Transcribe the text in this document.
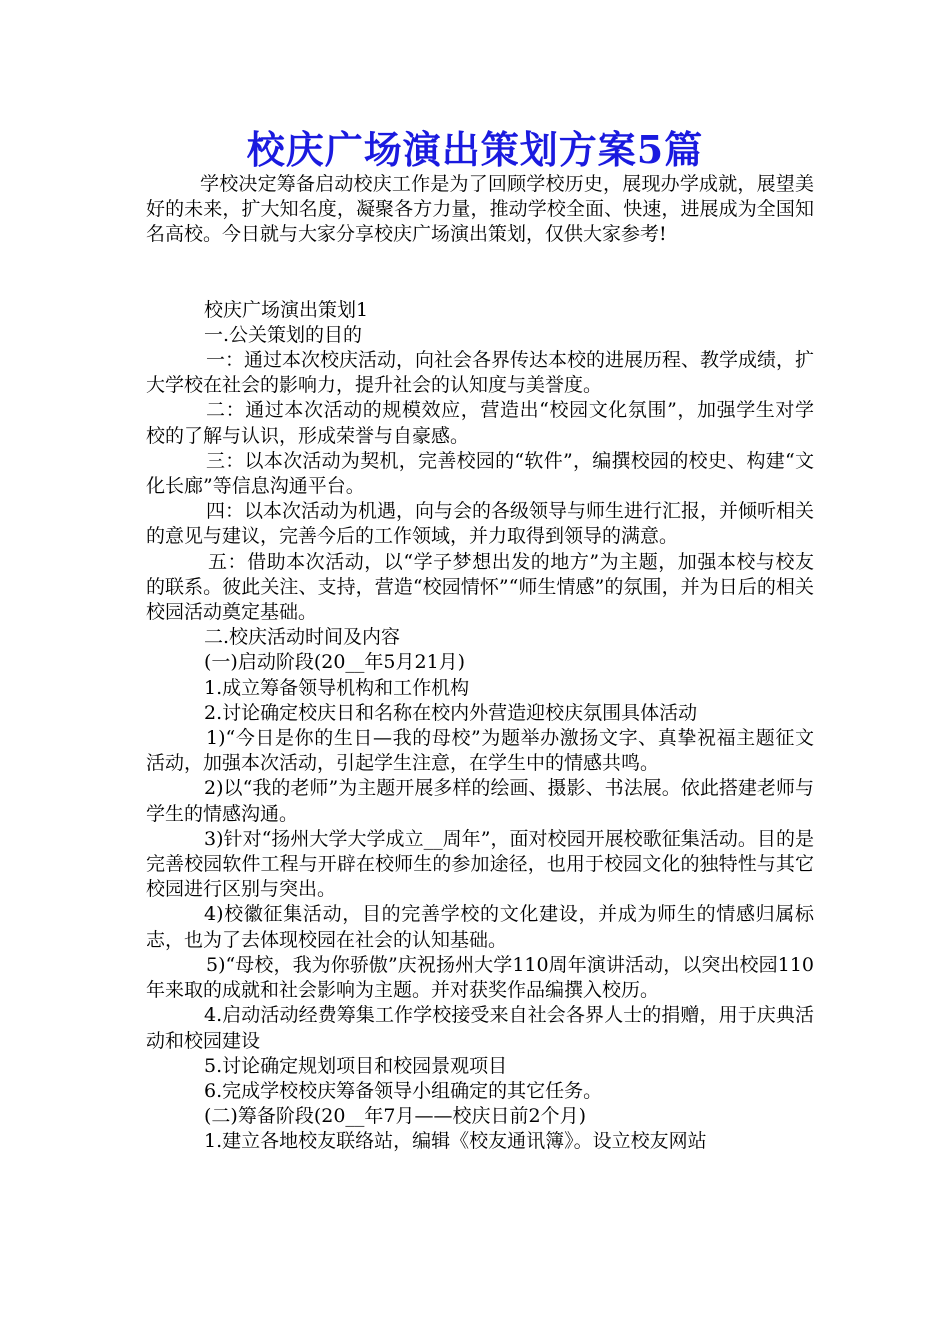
校庆广场演出策划方案5篇

学校决定筹备启动校庆工作是为了回顾学校历史，展现办学成就，展望美好的未来，扩大知名度，凝聚各方力量，推动学校全面、快速，进展成为全国知名高校。今日就与大家分享校庆广场演出策划，仅供大家参考!

校庆广场演出策划1

一.公关策划的目的

一：通过本次校庆活动，向社会各界传达本校的进展历程、教学成绩，扩大学校在社会的影响力，提升社会的认知度与美誉度。

二：通过本次活动的规模效应，营造出“校园文化氛围”，加强学生对学校的了解与认识，形成荣誉与自豪感。

三：以本次活动为契机，完善校园的“软件”，编撰校园的校史、构建“文化长廊”等信息沟通平台。

四：以本次活动为机遇，向与会的各级领导与师生进行汇报，并倾听相关的意见与建议，完善今后的工作领域，并力取得到领导的满意。

五：借助本次活动，以“学子梦想出发的地方”为主题，加强本校与校友的联系。彼此关注、支持，营造“校园情怀”“师生情感”的氛围，并为日后的相关校园活动奠定基础。

二.校庆活动时间及内容

(一)启动阶段(20__年5月21月)

1.成立筹备领导机构和工作机构

2.讨论确定校庆日和名称在校内外营造迎校庆氛围具体活动

1)“今日是你的生日—我的母校”为题举办激扬文字、真挚祝福主题征文活动，加强本次活动，引起学生注意，在学生中的情感共鸣。

2)以“我的老师”为主题开展多样的绘画、摄影、书法展。依此搭建老师与学生的情感沟通。

3)针对“扬州大学大学成立__周年”，面对校园开展校歌征集活动。目的是完善校园软件工程与开辟在校师生的参加途径，也用于校园文化的独特性与其它校园进行区别与突出。

4)校徽征集活动，目的完善学校的文化建设，并成为师生的情感归属标志，也为了去体现校园在社会的认知基础。

5)“母校，我为你骄傲”庆祝扬州大学110周年演讲活动，以突出校园110年来取的成就和社会影响为主题。并对获奖作品编撰入校历。

4.启动活动经费筹集工作学校接受来自社会各界人士的捐赠，用于庆典活动和校园建设

5.讨论确定规划项目和校园景观项目

6.完成学校校庆筹备领导小组确定的其它任务。

(二)筹备阶段(20__年7月——校庆日前2个月)

1.建立各地校友联络站，编辑《校友通讯簿》。设立校友网站
